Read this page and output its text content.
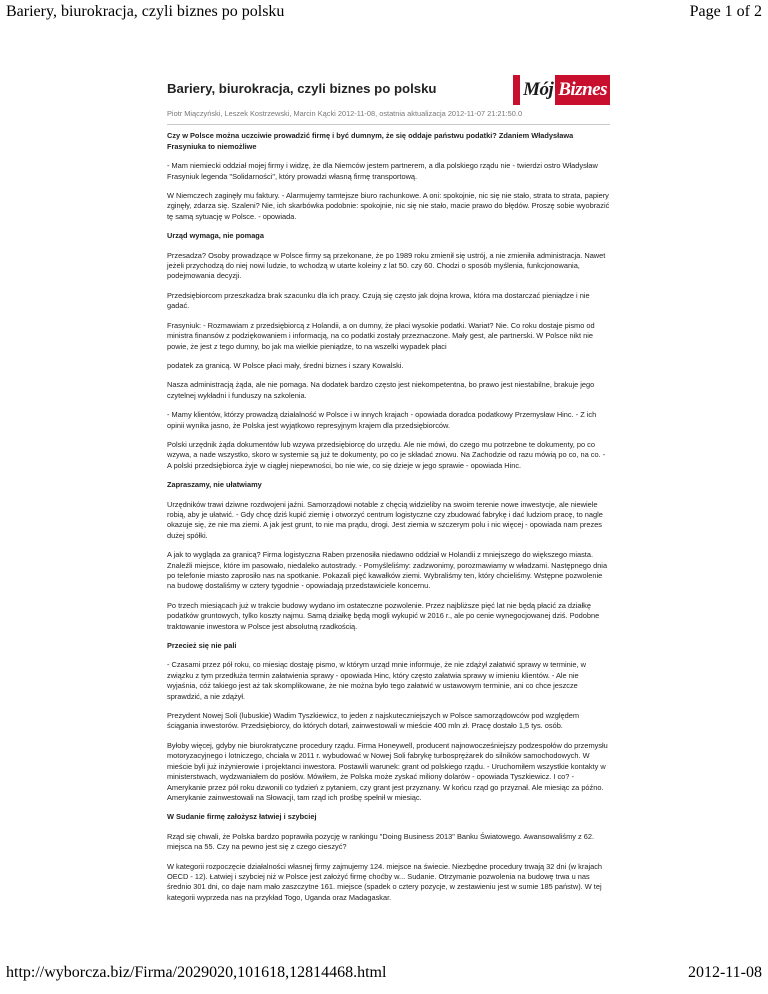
Bariery, biurokracja, czyli biznes po polsku	Page 1 of 2
Bariery, biurokracja, czyli biznes po polsku	Mój Biznes
Piotr Miączyński, Leszek Kostrzewski, Marcin Kącki 2012-11-08, ostatnia aktualizacja 2012-11-07 21:21:50.0

Czy w Polsce można uczciwie prowadzić firmę i być dumnym, że się oddaje państwu podatki? Zdaniem Władysława Frasyniuka to niemożliwe

- Mam niemiecki oddział mojej firmy i widzę, że dla Niemców jestem partnerem, a dla polskiego rządu nie - twierdzi ostro Władysław Frasyniuk legenda "Solidarności", który prowadzi własną firmę transportową.

W Niemczech zaginęły mu faktury. - Alarmujemy tamtejsze biuro rachunkowe. A oni: spokojnie, nic się nie stało, strata to strata, papiery zginęły, zdarza się. Szaleni? Nie, ich skarbówka podobnie: spokojnie, nic się nie stało, macie prawo do błędów. Proszę sobie wyobrazić tę samą sytuację w Polsce. - opowiada.

Urząd wymaga, nie pomaga

Przesadza? Osoby prowadzące w Polsce firmy są przekonane, że po 1989 roku zmienił się ustrój, a nie zmieniła administracja. Nawet jeżeli przychodzą do niej nowi ludzie, to wchodzą w utarte koleiny z lat 50. czy 60. Chodzi o sposób myślenia, funkcjonowania, podejmowania decyzji.

Przedsiębiorcom przeszkadza brak szacunku dla ich pracy. Czują się często jak dojna krowa, która ma dostarczać pieniądze i nie gadać.

Frasyniuk: - Rozmawiam z przedsiębiorcą z Holandii, a on dumny, że płaci wysokie podatki. Wariat? Nie. Co roku dostaje pismo od ministra finansów z podziękowaniem i informacją, na co podatki zostały przeznaczone. Mały gest, ale partnerski. W Polsce nikt nie powie, że jest z tego dumny, bo jak ma wielkie pieniądze, to na wszelki wypadek płaci

podatek za granicą. W Polsce płaci mały, średni biznes i szary Kowalski.

Nasza administracją żąda, ale nie pomaga. Na dodatek bardzo często jest niekompetentna, bo prawo jest niestabilne, brakuje jego czytelnej wykładni i funduszy na szkolenia.

- Mamy klientów, którzy prowadzą działalność w Polsce i w innych krajach - opowiada doradca podatkowy Przemysław Hinc. - Z ich opinii wynika jasno, że Polska jest wyjątkowo represyjnym krajem dla przedsiębiorców.

Polski urzędnik żąda dokumentów lub wzywa przedsiębiorcę do urzędu. Ale nie mówi, do czego mu potrzebne te dokumenty, po co wzywa, a nade wszystko, skoro w systemie są już te dokumenty, po co je składać znowu. Na Zachodzie od razu mówią po co, na co. - A polski przedsiębiorca żyje w ciągłej niepewności, bo nie wie, co się dzieje w jego sprawie - opowiada Hinc.

Zapraszamy, nie ułatwiamy

Urzędników trawi dziwne rozdwojeni jaźni. Samorządowi notable z chęcią widzieliby na swoim terenie nowe inwestycje, ale niewiele robią, aby je ułatwić. - Gdy chcę dziś kupić ziemię i otworzyć centrum logistyczne czy zbudować fabrykę i dać ludziom pracę, to nagle okazuje się, że nie ma ziemi. A jak jest grunt, to nie ma prądu, drogi. Jest ziemia w szczerym polu i nic więcej - opowiada nam prezes dużej spółki.

A jak to wygląda za granicą? Firma logistyczna Raben przenosiła niedawno oddział w Holandii z mniejszego do większego miasta. Znaleźli miejsce, które im pasowało, niedaleko autostrady. - Pomyśleliśmy: zadzwonimy, porozmawiamy w władzami. Następnego dnia po telefonie miasto zaprosiło nas na spotkanie. Pokazali pięć kawałków ziemi. Wybraliśmy ten, który chcieliśmy. Wstępne pozwolenie na budowę dostaliśmy w cztery tygodnie - opowiadają przedstawiciele koncernu.

Po trzech miesiącach już w trakcie budowy wydano im ostateczne pozwolenie. Przez najbliższe pięć lat nie będą płacić za działkę podatków gruntowych, tylko koszty najmu. Samą działkę będą mogli wykupić w 2016 r., ale po cenie wynegocjowanej dziś. Podobne traktowanie inwestora w Polsce jest absolutną rzadkością.

Przecież się nie pali

- Czasami przez pół roku, co miesiąc dostaję pismo, w którym urząd mnie informuje, że nie zdążył załatwić sprawy w terminie, w związku z tym przedłuża termin załatwienia sprawy - opowiada Hinc, który często załatwia sprawy w imieniu klientów. - Ale nie wyjaśnia, cóż takiego jest aż tak skomplikowane, że nie można było tego załatwić w ustawowym terminie, ani co chce jeszcze sprawdzić, a nie zdążył.

Prezydent Nowej Soli (lubuskie) Wadim Tyszkiewicz, to jeden z najskuteczniejszych w Polsce samorządowców pod względem ściągania inwestorów. Przedsiębiorcy, do których dotarł, zainwestowali w mieście 400 mln zł. Pracę dostało 1,5 tys. osób.

Byłoby więcej, gdyby nie biurokratyczne procedury rządu. Firma Honeywell, producent najnowocześniejszy podzespołów do przemysłu motoryzacyjnego i lotniczego, chciała w 2011 r. wybudować w Nowej Soli fabrykę turbosprężarek do silników samochodowych. W mieście byli już inżynierowie i projektanci inwestora. Postawili warunek: grant od polskiego rządu. - Uruchomiłem wszystkie kontakty w ministerstwach, wydzwaniałem do posłów. Mówiłem, że Polska może zyskać miliony dolarów - opowiada Tyszkiewicz. I co? - Amerykanie przez pół roku dzwonili co tydzień z pytaniem, czy grant jest przyznany. W końcu rząd go przyznał. Ale miesiąc za późno. Amerykanie zainwestowali na Słowacji, tam rząd ich prośbę spełnił w miesiąc.

W Sudanie firmę założysz łatwiej i szybciej

Rząd się chwali, że Polska bardzo poprawiła pozycję w rankingu "Doing Business 2013" Banku Światowego. Awansowaliśmy z 62. miejsca na 55. Czy na pewno jest się z czego cieszyć?

W kategorii rozpoczęcie działalności własnej firmy zajmujemy 124. miejsce na świecie. Niezbędne procedury trwają 32 dni (w krajach OECD - 12). Łatwiej i szybciej niż w Polsce jest założyć firmę choćby w... Sudanie. Otrzymanie pozwolenia na budowę trwa u nas średnio 301 dni, co daje nam mało zaszczytne 161. miejsce (spadek o cztery pozycje, w zestawieniu jest w sumie 185 państw). W tej kategorii wyprzeda nas na przykład Togo, Uganda oraz Madagaskar.

http://wyborcza.biz/Firma/2029020,101618,12814468.html	2012-11-08
